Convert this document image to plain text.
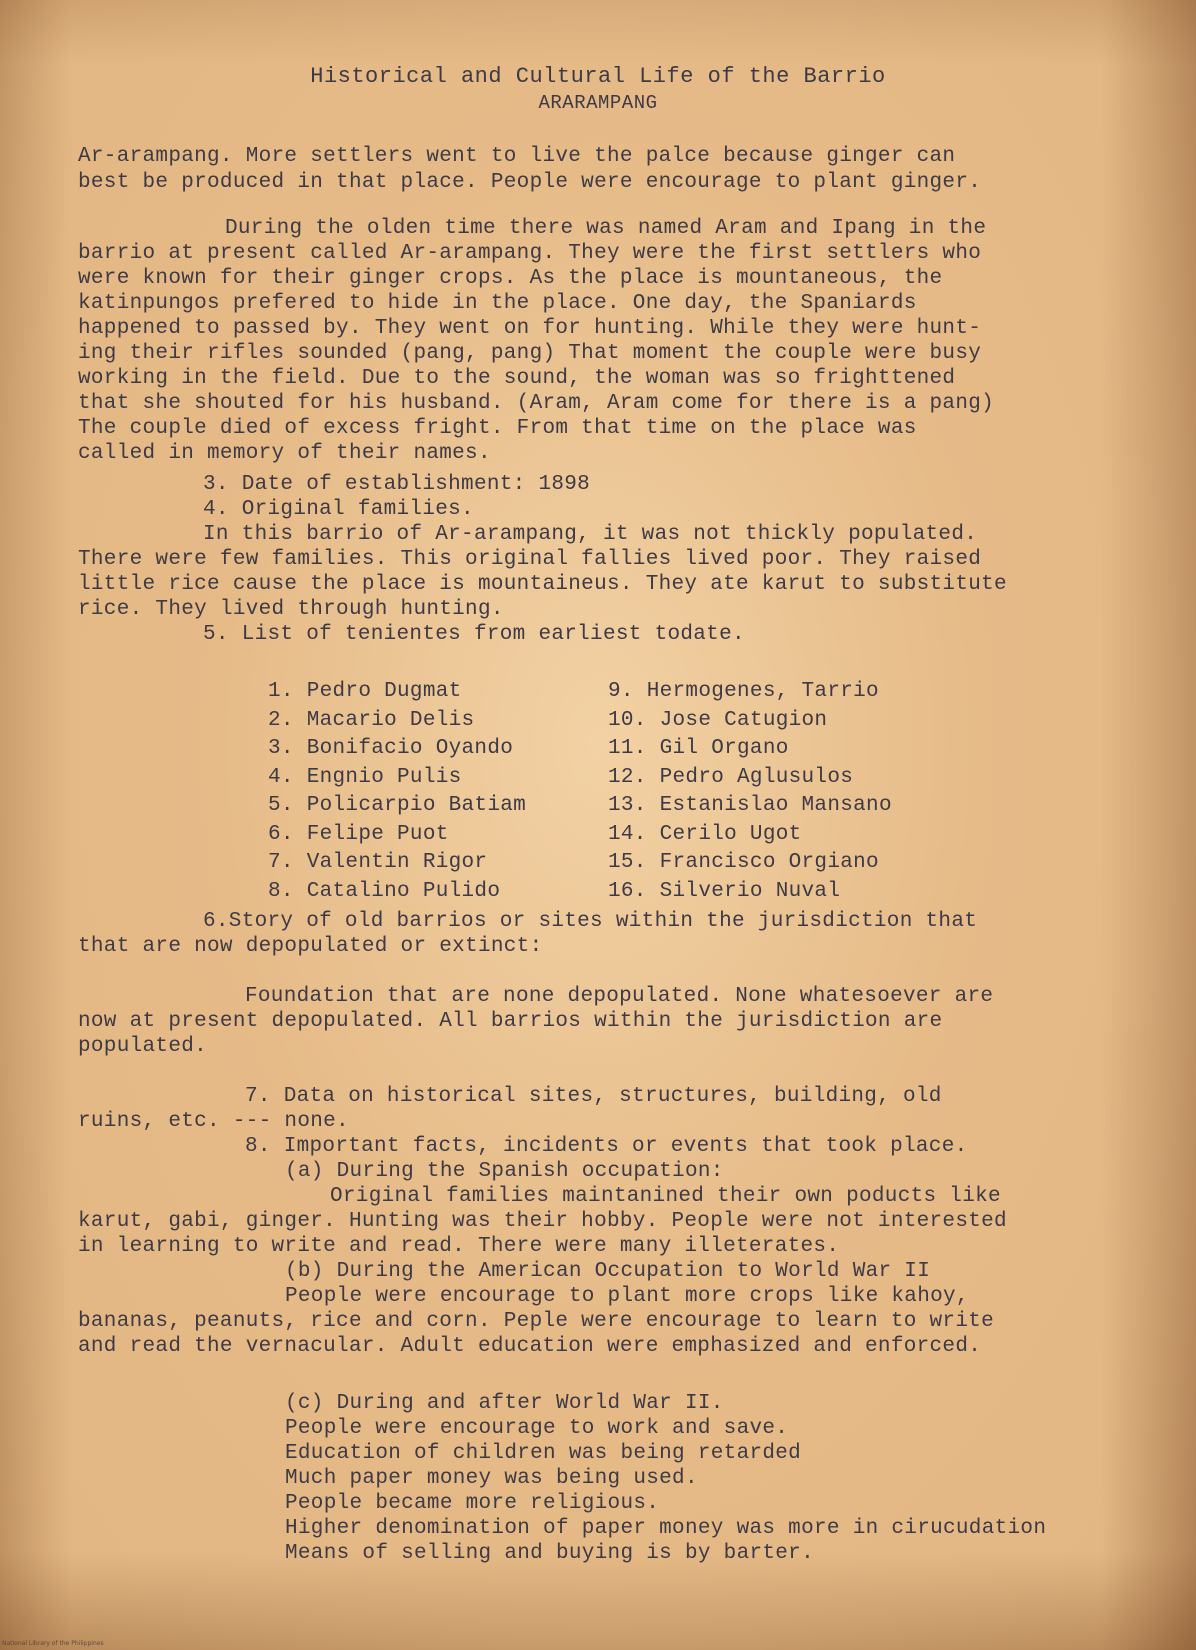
Historical and Cultural Life of the Barrio
ARARAMPANG
Ar-arampang. More settlers went to live the palce because ginger can
best be produced in that place. People were encourage to plant ginger.
During the olden time there was named Aram and Ipang in the
barrio at present called Ar-arampang. They were the first settlers who
were known for their ginger crops. As the place is mountaneous, the
katinpungos prefered to hide in the place. One day, the Spaniards
happened to passed by. They went on for hunting. While they were hunt-
ing their rifles sounded (pang, pang) That moment the couple were busy
working in the field. Due to the sound, the woman was so frighttened
that she shouted for his husband. (Aram, Aram come for there is a pang)
The couple died of excess fright. From that time on the place was
called in memory of their names.
3. Date of establishment: 1898
4. Original families.
In this barrio of Ar-arampang, it was not thickly populated.
There were few families. This original fallies lived poor. They raised
little rice cause the place is mountaineus. They ate karut to substitute
rice. They lived through hunting.
5. List of tenientes from earliest todate.
1. Pedro Dugmat
2. Macario Delis
3. Bonifacio Oyando
4. Engnio Pulis
5. Policarpio Batiam
6. Felipe Puot
7. Valentin Rigor
8. Catalino Pulido
9. Hermogenes, Tarrio
10. Jose Catugion
11. Gil Organo
12. Pedro Aglusulos
13. Estanislao Mansano
14. Cerilo Ugot
15. Francisco Orgiano
16. Silverio Nuval
6.Story of old barrios or sites within the jurisdiction that
that are now depopulated or extinct:
Foundation that are none depopulated. None whatesoever are
now at present depopulated. All barrios within the jurisdiction are
populated.
7. Data on historical sites, structures, building, old
ruins, etc. --- none.
8. Important facts, incidents or events that took place.
(a) During the Spanish occupation:
Original families maintanined their own poducts like
karut, gabi, ginger. Hunting was their hobby. People were not interested
in learning to write and read. There were many illeterates.
(b) During the American Occupation to World War II
People were encourage to plant more crops like kahoy,
bananas, peanuts, rice and corn. Peple were encourage to learn to write
and read the vernacular. Adult education were emphasized and enforced.
(c) During and after World War II.
People were encourage to work and save.
Education of children was being retarded
Much paper money was being used.
People became more religious.
Higher denomination of paper money was more in cirucudation
Means of selling and buying is by barter.
National Library of the Philippines
